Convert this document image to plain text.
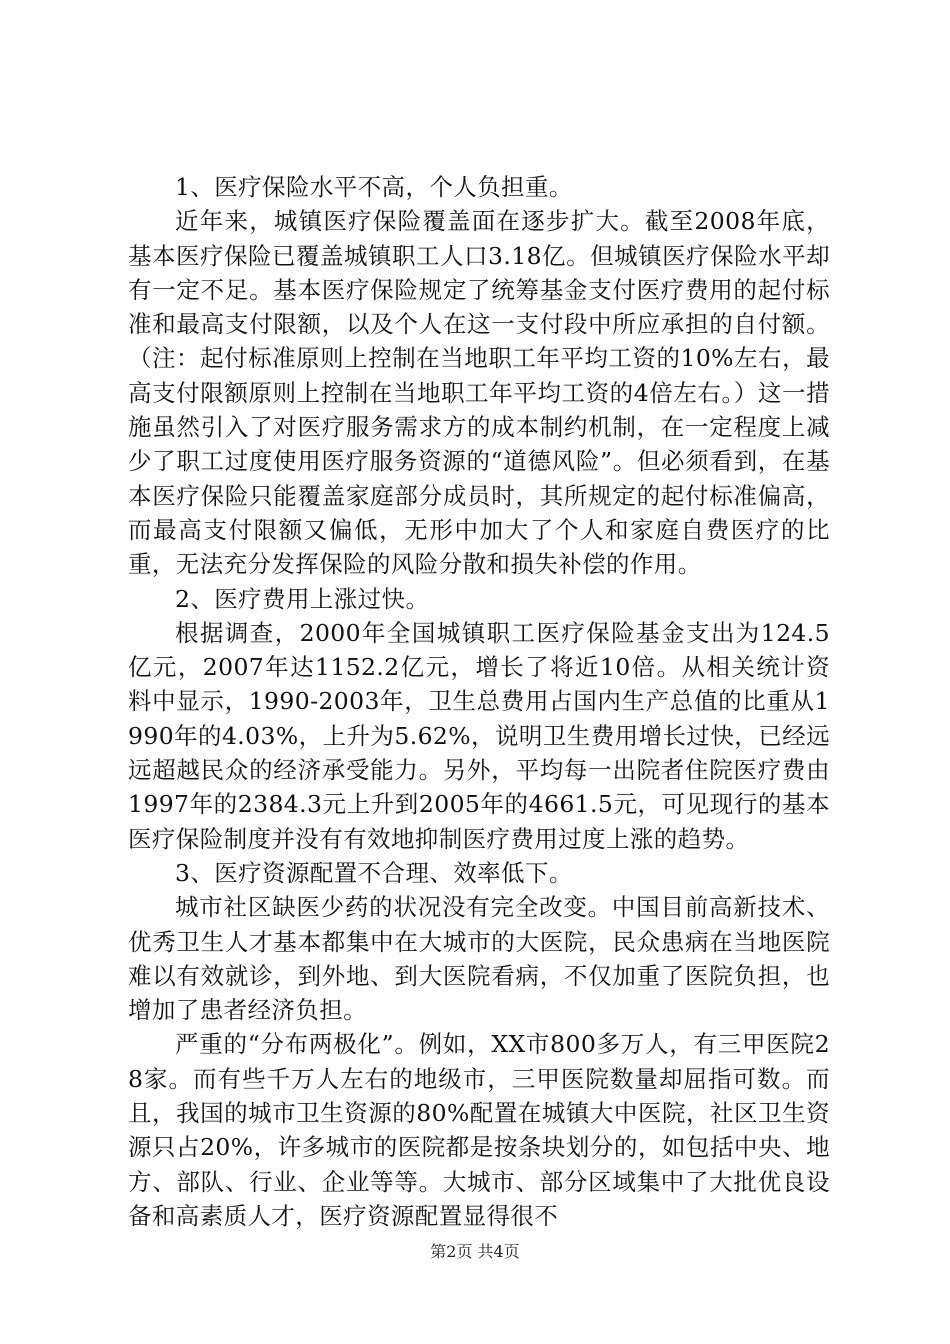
1、医疗保险水平不高，个人负担重。

近年来，城镇医疗保险覆盖面在逐步扩大。截至2008年底，基本医疗保险已覆盖城镇职工人口3.18亿。但城镇医疗保险水平却有一定不足。基本医疗保险规定了统筹基金支付医疗费用的起付标准和最高支付限额，以及个人在这一支付段中所应承担的自付额。（注：起付标准原则上控制在当地职工年平均工资的10%左右，最高支付限额原则上控制在当地职工年平均工资的4倍左右。）这一措施虽然引入了对医疗服务需求方的成本制约机制，在一定程度上减少了职工过度使用医疗服务资源的“道德风险”。但必须看到，在基本医疗保险只能覆盖家庭部分成员时，其所规定的起付标准偏高，而最高支付限额又偏低，无形中加大了个人和家庭自费医疗的比重，无法充分发挥保险的风险分散和损失补偿的作用。

2、医疗费用上涨过快。

根据调查，2000年全国城镇职工医疗保险基金支出为124.5亿元，2007年达1152.2亿元，增长了将近10倍。从相关统计资料中显示，1990-2003年，卫生总费用占国内生产总值的比重从1990年的4.03%，上升为5.62%，说明卫生费用增长过快，已经远远超越民众的经济承受能力。另外，平均每一出院者住院医疗费由1997年的2384.3元上升到2005年的4661.5元，可见现行的基本医疗保险制度并没有有效地抑制医疗费用过度上涨的趋势。

3、医疗资源配置不合理、效率低下。

城市社区缺医少药的状况没有完全改变。中国目前高新技术、优秀卫生人才基本都集中在大城市的大医院，民众患病在当地医院难以有效就诊，到外地、到大医院看病，不仅加重了医院负担，也增加了患者经济负担。

严重的“分布两极化”。例如，XX市800多万人，有三甲医院28家。而有些千万人左右的地级市，三甲医院数量却屈指可数。而且，我国的城市卫生资源的80%配置在城镇大中医院，社区卫生资源只占20%，许多城市的医院都是按条块划分的，如包括中央、地方、部队、行业、企业等等。大城市、部分区域集中了大批优良设备和高素质人才，医疗资源配置显得很不

第2页 共4页
